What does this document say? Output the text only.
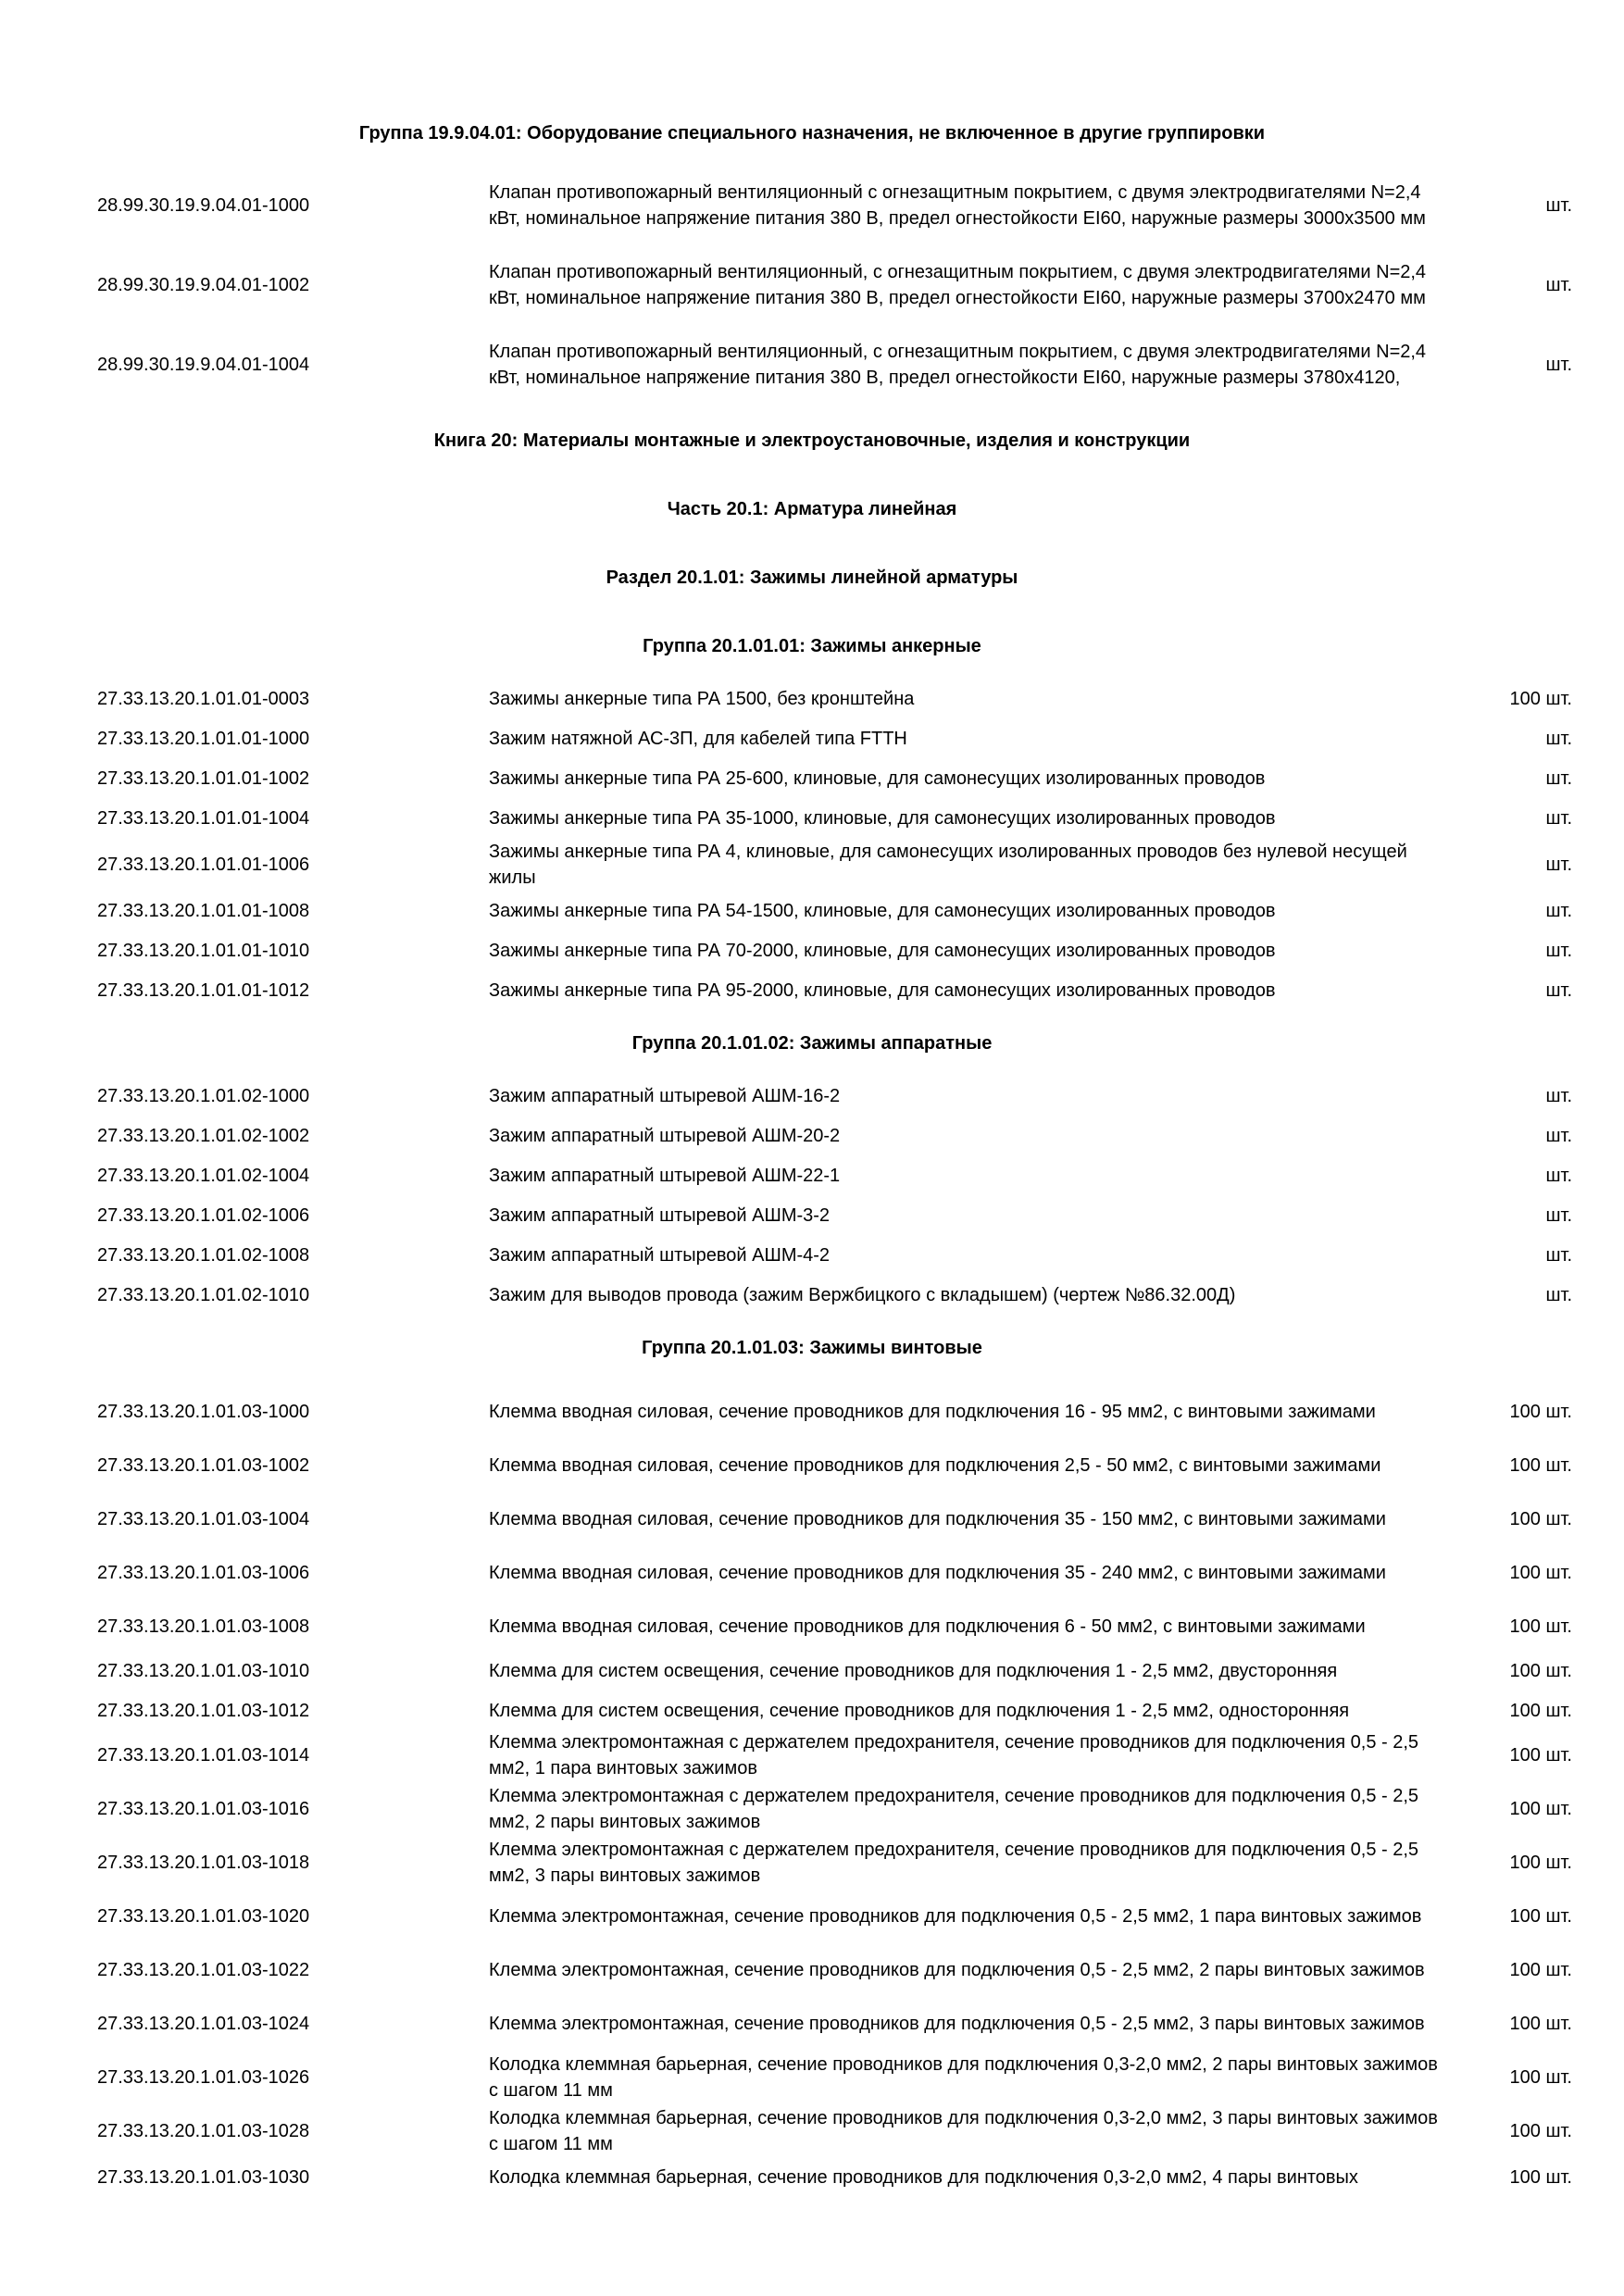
Группа 19.9.04.01: Оборудование специального назначения, не включенное в другие группировки
28.99.30.19.9.04.01-1000
Клапан противопожарный вентиляционный с огнезащитным покрытием, с двумя электродвигателями N=2,4 кВт, номинальное напряжение питания 380 В, предел огнестойкости EI60, наружные размеры 3000х3500 мм
шт.
28.99.30.19.9.04.01-1002
Клапан противопожарный вентиляционный, с огнезащитным покрытием, с двумя электродвигателями N=2,4 кВт, номинальное напряжение питания 380 В, предел огнестойкости EI60, наружные размеры 3700х2470 мм
шт.
28.99.30.19.9.04.01-1004
Клапан противопожарный вентиляционный, с огнезащитным покрытием, с двумя электродвигателями N=2,4 кВт, номинальное напряжение питания 380 В, предел огнестойкости EI60, наружные размеры 3780х4120,
шт.
Книга 20: Материалы монтажные и электроустановочные, изделия и конструкции
Часть 20.1: Арматура линейная
Раздел 20.1.01: Зажимы линейной арматуры
Группа 20.1.01.01: Зажимы анкерные
27.33.13.20.1.01.01-0003	Зажимы анкерные типа РА 1500, без кронштейна	100 шт.
27.33.13.20.1.01.01-1000	Зажим натяжной АС-3П, для кабелей типа FTTH	шт.
27.33.13.20.1.01.01-1002	Зажимы анкерные типа РА 25-600, клиновые, для самонесущих изолированных проводов	шт.
27.33.13.20.1.01.01-1004	Зажимы анкерные типа РА 35-1000, клиновые, для самонесущих изолированных проводов	шт.
27.33.13.20.1.01.01-1006
Зажимы анкерные типа РА 4, клиновые, для самонесущих изолированных проводов без нулевой несущей жилы
шт.
27.33.13.20.1.01.01-1008	Зажимы анкерные типа РА 54-1500, клиновые, для самонесущих изолированных проводов	шт.
27.33.13.20.1.01.01-1010	Зажимы анкерные типа РА 70-2000, клиновые, для самонесущих изолированных проводов	шт.
27.33.13.20.1.01.01-1012	Зажимы анкерные типа РА 95-2000, клиновые, для самонесущих изолированных проводов	шт.
Группа 20.1.01.02: Зажимы аппаратные
27.33.13.20.1.01.02-1000	Зажим аппаратный штыревой АШМ-16-2	шт.
27.33.13.20.1.01.02-1002	Зажим аппаратный штыревой АШМ-20-2	шт.
27.33.13.20.1.01.02-1004	Зажим аппаратный штыревой АШМ-22-1	шт.
27.33.13.20.1.01.02-1006	Зажим аппаратный штыревой АШМ-3-2	шт.
27.33.13.20.1.01.02-1008	Зажим аппаратный штыревой АШМ-4-2	шт.
27.33.13.20.1.01.02-1010	Зажим для выводов провода (зажим Вержбицкого с вкладышем) (чертеж №86.32.00Д)	шт.
Группа 20.1.01.03: Зажимы винтовые
27.33.13.20.1.01.03-1000	Клемма вводная силовая, сечение проводников для подключения 16 - 95 мм2, с винтовыми зажимами	100 шт.
27.33.13.20.1.01.03-1002	Клемма вводная силовая, сечение проводников для подключения 2,5 - 50 мм2, с винтовыми зажимами	100 шт.
27.33.13.20.1.01.03-1004	Клемма вводная силовая, сечение проводников для подключения 35 - 150 мм2, с винтовыми зажимами	100 шт.
27.33.13.20.1.01.03-1006	Клемма вводная силовая, сечение проводников для подключения 35 - 240 мм2, с винтовыми зажимами	100 шт.
27.33.13.20.1.01.03-1008	Клемма вводная силовая, сечение проводников для подключения 6 - 50 мм2, с винтовыми зажимами	100 шт.
27.33.13.20.1.01.03-1010	Клемма для систем освещения, сечение проводников для подключения 1 - 2,5 мм2, двусторонняя	100 шт.
27.33.13.20.1.01.03-1012	Клемма для систем освещения, сечение проводников для подключения 1 - 2,5 мм2, односторонняя	100 шт.
27.33.13.20.1.01.03-1014
Клемма электромонтажная с держателем предохранителя, сечение проводников для подключения 0,5 - 2,5 мм2, 1 пара винтовых зажимов
100 шт.
27.33.13.20.1.01.03-1016
Клемма электромонтажная с держателем предохранителя, сечение проводников для подключения 0,5 - 2,5 мм2, 2 пары винтовых зажимов
100 шт.
27.33.13.20.1.01.03-1018
Клемма электромонтажная с держателем предохранителя, сечение проводников для подключения 0,5 - 2,5 мм2, 3 пары винтовых зажимов
100 шт.
27.33.13.20.1.01.03-1020	Клемма электромонтажная, сечение проводников для подключения 0,5 - 2,5 мм2, 1 пара винтовых зажимов	100 шт.
27.33.13.20.1.01.03-1022	Клемма электромонтажная, сечение проводников для подключения 0,5 - 2,5 мм2, 2 пары винтовых зажимов	100 шт.
27.33.13.20.1.01.03-1024	Клемма электромонтажная, сечение проводников для подключения 0,5 - 2,5 мм2, 3 пары винтовых зажимов	100 шт.
27.33.13.20.1.01.03-1026
Колодка клеммная барьерная, сечение проводников для подключения 0,3-2,0 мм2, 2 пары винтовых зажимов с шагом 11 мм
100 шт.
27.33.13.20.1.01.03-1028
Колодка клеммная барьерная, сечение проводников для подключения 0,3-2,0 мм2, 3 пары винтовых зажимов с шагом 11 мм
100 шт.
27.33.13.20.1.01.03-1030	Колодка клеммная барьерная, сечение проводников для подключения 0,3-2,0 мм2, 4 пары винтовых	100 шт.
